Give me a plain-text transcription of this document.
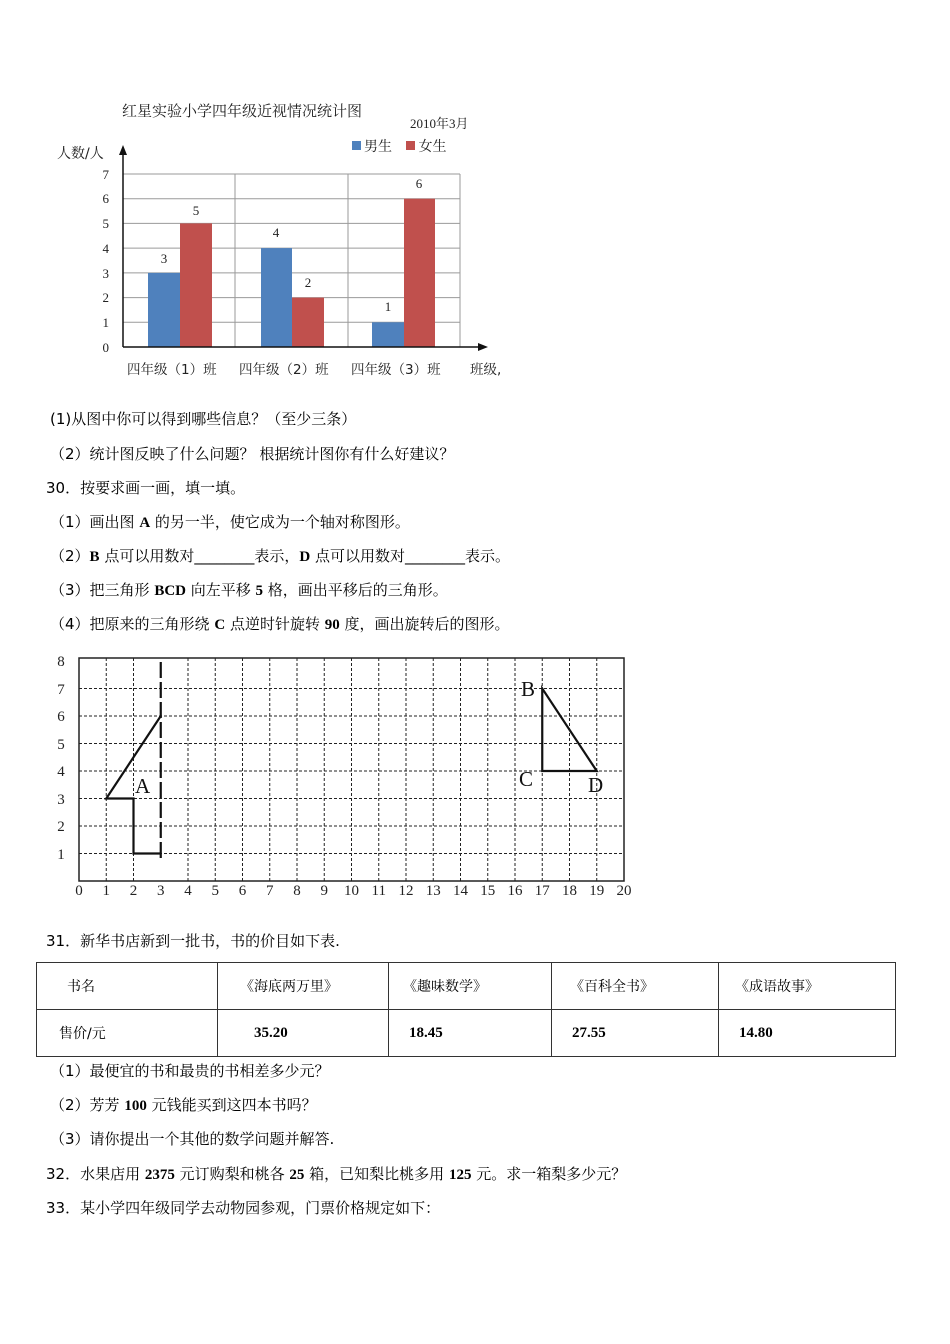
红星实验小学四年级近视情况统计图
2010年3月
男生 女生
人数/人
3
5
4
2
1
6
0
1
2
3
4
5
6
7
四年级（1）班 四年级（2）班 四年级（3）班 班级,
(1)从图中你可以得到哪些信息？（至少三条）
（2）统计图反映了什么问题？ 根据统计图你有什么好建议？
30．按要求画一画，填一填。
（1）画出图 A 的另一半，使它成为一个轴对称图形。
（2）B 点可以用数对________表示，D 点可以用数对________表示。
（3）把三角形 BCD 向左平移 5 格，画出平移后的三角形。
（4）把原来的三角形绕 C 点逆时针旋转 90 度，画出旋转后的图形。
0 1 2 3 4 5 6 7 8 9 10 11 12 13 14 15 16 17 18 19 20
1
2
3
4
5
6
7
8
A
B
C	D
31．新华书店新到一批书，书的价目如下表.
书名	《海底两万里》	《趣味数学》	《百科全书》	《成语故事》
售价/元	35.20	18.45	27.55	14.80
（1）最便宜的书和最贵的书相差多少元？
（2）芳芳 100 元钱能买到这四本书吗？
（3）请你提出一个其他的数学问题并解答.
32．水果店用 2375 元订购梨和桃各 25 箱，已知梨比桃多用 125 元。求一箱梨多少元？
33．某小学四年级同学去动物园参观，门票价格规定如下：
